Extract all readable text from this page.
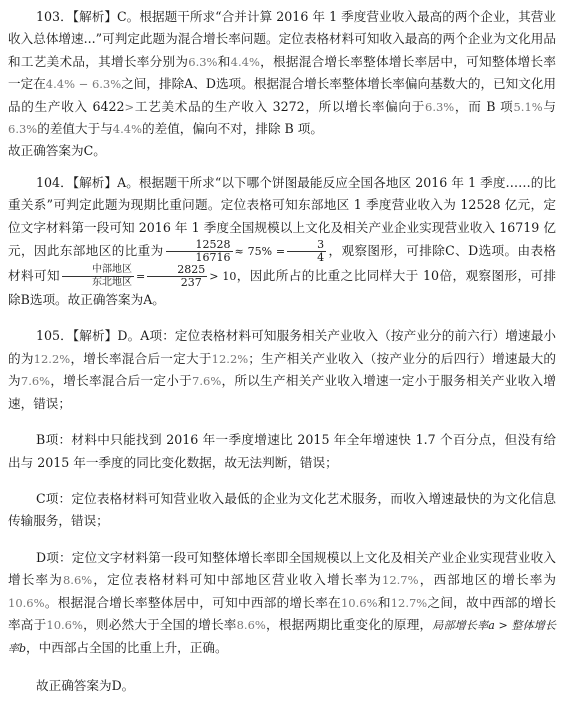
103．【解析】C。根据题干所求“合并计算 2016 年 1 季度营业收入最高的两个企业，其营业收入总体增速...”可判定此题为混合增长率问题。定位表格材料可知收入最高的两个企业为文化用品和工艺美术品，其增长率分别为6.3%和4.4%，根据混合增长率整体增长率居中，可知整体增长率一定在4.4% − 6.3%之间，排除A、D选项。根据混合增长率整体增长率偏向基数大的，已知文化用品的生产收入 6422>工艺美术品的生产收入 3272，所以增长率偏向于6.3%，而 B 项5.1%与6.3%的差值大于与4.4%的差值，偏向不对，排除 B 项。
故正确答案为C。

104．【解析】A。根据题干所求“以下哪个饼图最能反应全国各地区 2016 年 1 季度……的比重关系”可判定此题为现期比重问题。定位表格可知东部地区 1 季度营业收入为 12528 亿元，定位文字材料第一段可知 2016 年 1 季度全国规模以上文化及相关产业企业实现营业收入 16719 亿元，因此东部地区的比重为 $\frac{12528}{16716} \approx 75\% = \frac{3}{4}$ ，观察图形，可排除C、D选项。由表格材料可知 $\frac{\text{中部地区}}{\text{东北地区}} = \frac{2825}{237} > 10$，因此所占的比重之比同样大于 10倍，观察图形，可排除B选项。故正确答案为A。

105．【解析】D。A项：定位表格材料可知服务相关产业收入（按产业分的前六行）增速最小的为12.2%，增长率混合后一定大于12.2%；生产相关产业收入（按产业分的后四行）增速最大的为7.6%，增长率混合后一定小于7.6%，所以生产相关产业收入增速一定小于服务相关产业收入增速，错误；

B项：材料中只能找到 2016 年一季度增速比 2015 年全年增速快 1.7 个百分点，但没有给出与 2015 年一季度的同比变化数据，故无法判断，错误；

C项：定位表格材料可知营业收入最低的企业为文化艺术服务，而收入增速最快的为文化信息传输服务，错误；

D项：定位文字材料第一段可知整体增长率即全国规模以上文化及相关产业企业实现营业收入增长率为8.6%，定位表格材料可知中部地区营业收入增长率为12.7%，西部地区的增长率为10.6%。根据混合增长率整体居中，可知中西部的增长率在10.6%和12.7%之间，故中西部的增长率高于10.6%，则必然大于全国的增长率8.6%，根据两期比重变化的原理，局部增长率a > 整体增长率b，中西部占全国的比重上升，正确。

故正确答案为D。
